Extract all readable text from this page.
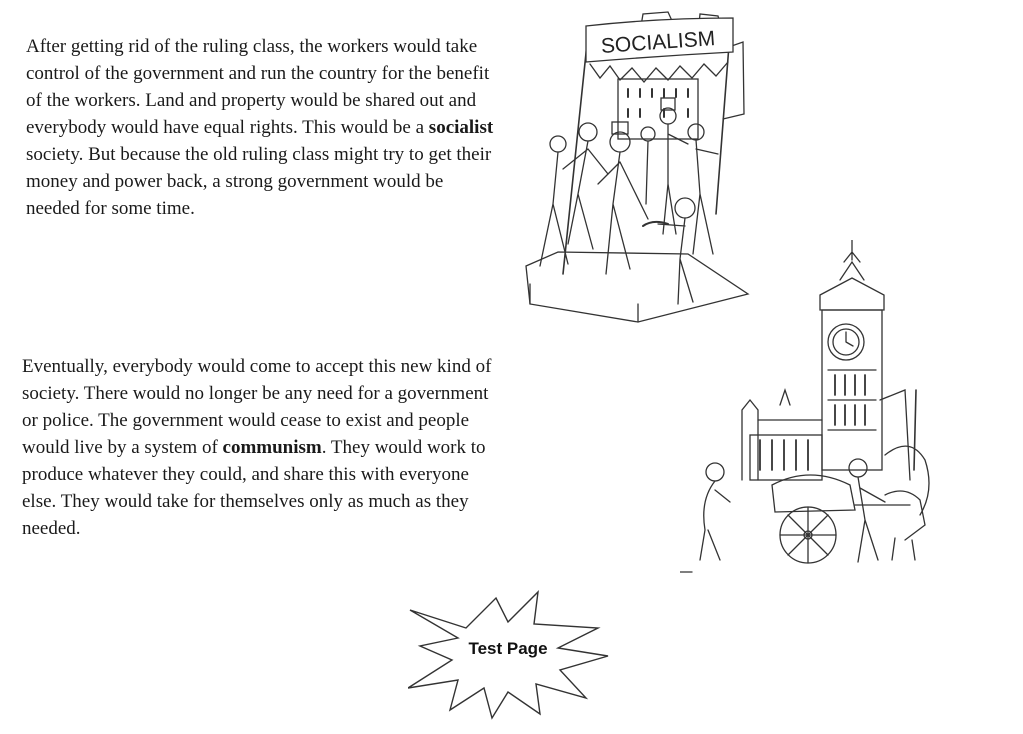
After getting rid of the ruling class, the workers would take control of the government and run the country for the benefit of the workers. Land and property would be shared out and everybody would have equal rights. This would be a socialist society. But because the old ruling class might try to get their money and power back, a strong government would be needed for some time.

Eventually, everybody would come to accept this new kind of society. There would no longer be any need for a government or police. The government would cease to exist and people would live by a system of communism. They would work to produce whatever they could, and share this with everyone else. They would take for themselves only as much as they needed.

SOCIALISM
Test Page
